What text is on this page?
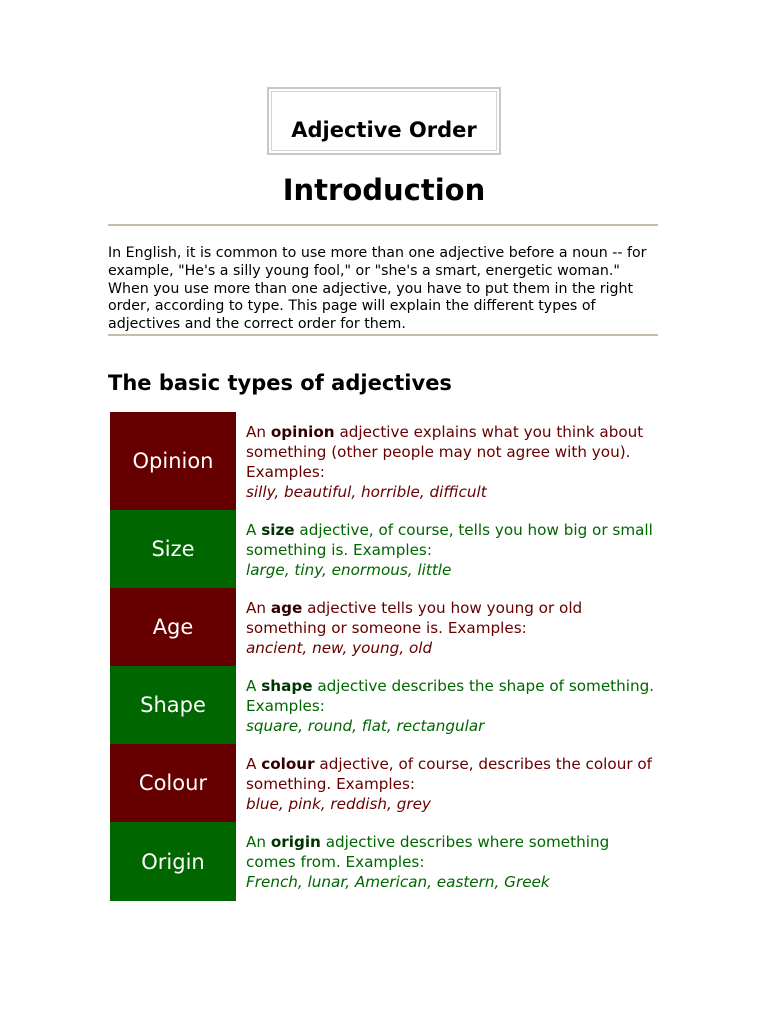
Adjective Order
Introduction
In English, it is common to use more than one adjective before a noun -- for example, "He's a silly young fool," or "she's a smart, energetic woman." When you use more than one adjective, you have to put them in the right order, according to type. This page will explain the different types of adjectives and the correct order for them.
The basic types of adjectives
Opinion
An opinion adjective explains what you think about something (other people may not agree with you). Examples:
silly, beautiful, horrible, difficult
Size
A size adjective, of course, tells you how big or small something is. Examples:
large, tiny, enormous, little
Age
An age adjective tells you how young or old something or someone is. Examples:
ancient, new, young, old
Shape
A shape adjective describes the shape of something. Examples:
square, round, flat, rectangular
Colour
A colour adjective, of course, describes the colour of something. Examples:
blue, pink, reddish, grey
Origin
An origin adjective describes where something comes from. Examples:
French, lunar, American, eastern, Greek
